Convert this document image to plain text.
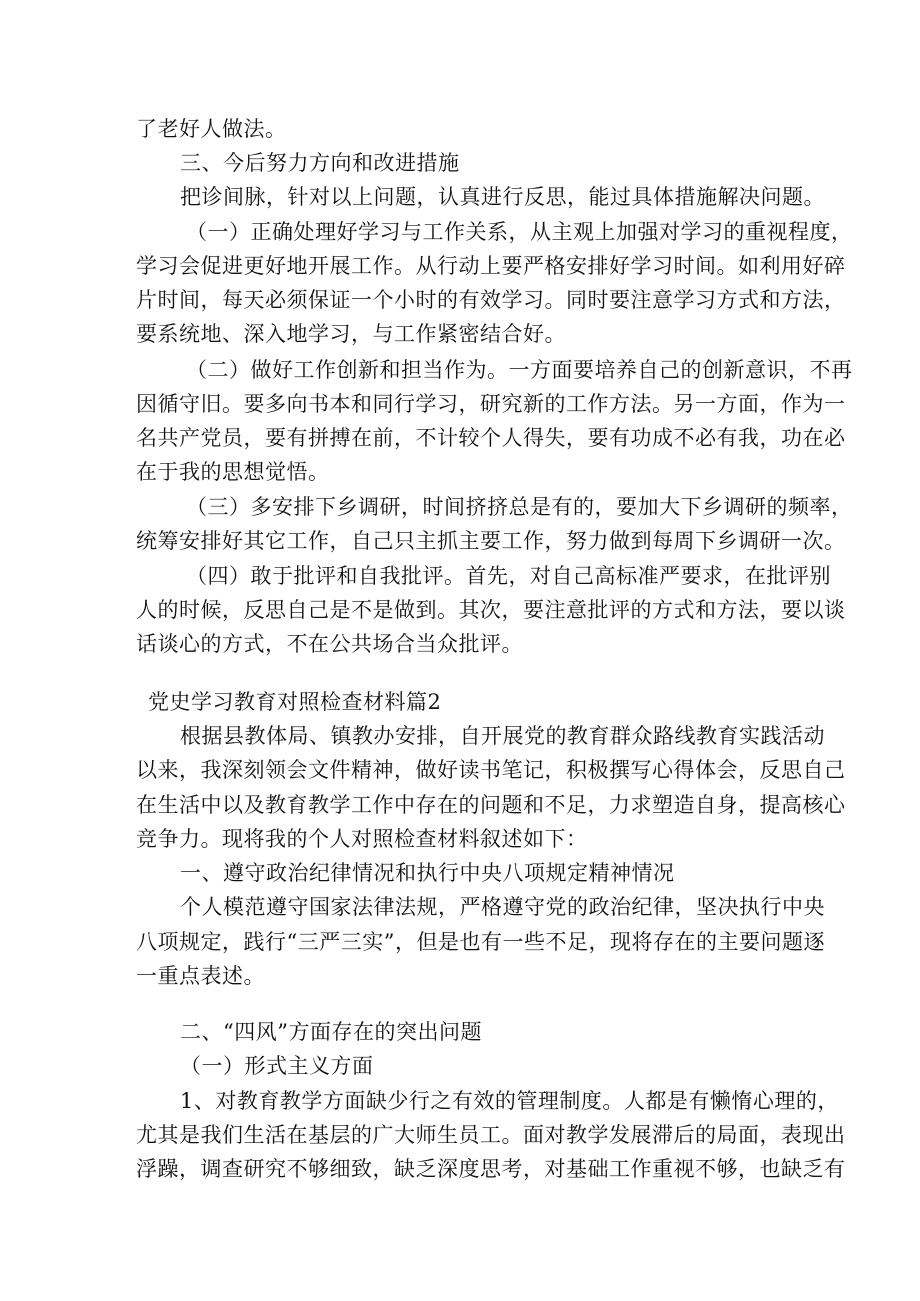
了老好人做法。
三、今后努力方向和改进措施
把诊间脉，针对以上问题，认真进行反思，能过具体措施解决问题。
（一）正确处理好学习与工作关系，从主观上加强对学习的重视程度，
学习会促进更好地开展工作。从行动上要严格安排好学习时间。如利用好碎
片时间，每天必须保证一个小时的有效学习。同时要注意学习方式和方法，
要系统地、深入地学习，与工作紧密结合好。
（二）做好工作创新和担当作为。一方面要培养自己的创新意识，不再
因循守旧。要多向书本和同行学习，研究新的工作方法。另一方面，作为一
名共产党员，要有拼搏在前，不计较个人得失，要有功成不必有我，功在必
在于我的思想觉悟。
（三）多安排下乡调研，时间挤挤总是有的，要加大下乡调研的频率，
统筹安排好其它工作，自己只主抓主要工作，努力做到每周下乡调研一次。
（四）敢于批评和自我批评。首先，对自己高标准严要求，在批评别
人的时候，反思自己是不是做到。其次，要注意批评的方式和方法，要以谈
话谈心的方式，不在公共场合当众批评。
党史学习教育对照检查材料篇2
根据县教体局、镇教办安排，自开展党的教育群众路线教育实践活动
以来，我深刻领会文件精神，做好读书笔记，积极撰写心得体会，反思自己
在生活中以及教育教学工作中存在的问题和不足，力求塑造自身，提高核心
竞争力。现将我的个人对照检查材料叙述如下：
一、遵守政治纪律情况和执行中央八项规定精神情况
个人模范遵守国家法律法规，严格遵守党的政治纪律，坚决执行中央
八项规定，践行“三严三实”，但是也有一些不足，现将存在的主要问题逐
一重点表述。
二、“四风”方面存在的突出问题
（一）形式主义方面
1、对教育教学方面缺少行之有效的管理制度。人都是有懒惰心理的，
尤其是我们生活在基层的广大师生员工。面对教学发展滞后的局面，表现出
浮躁，调查研究不够细致，缺乏深度思考，对基础工作重视不够，也缺乏有
